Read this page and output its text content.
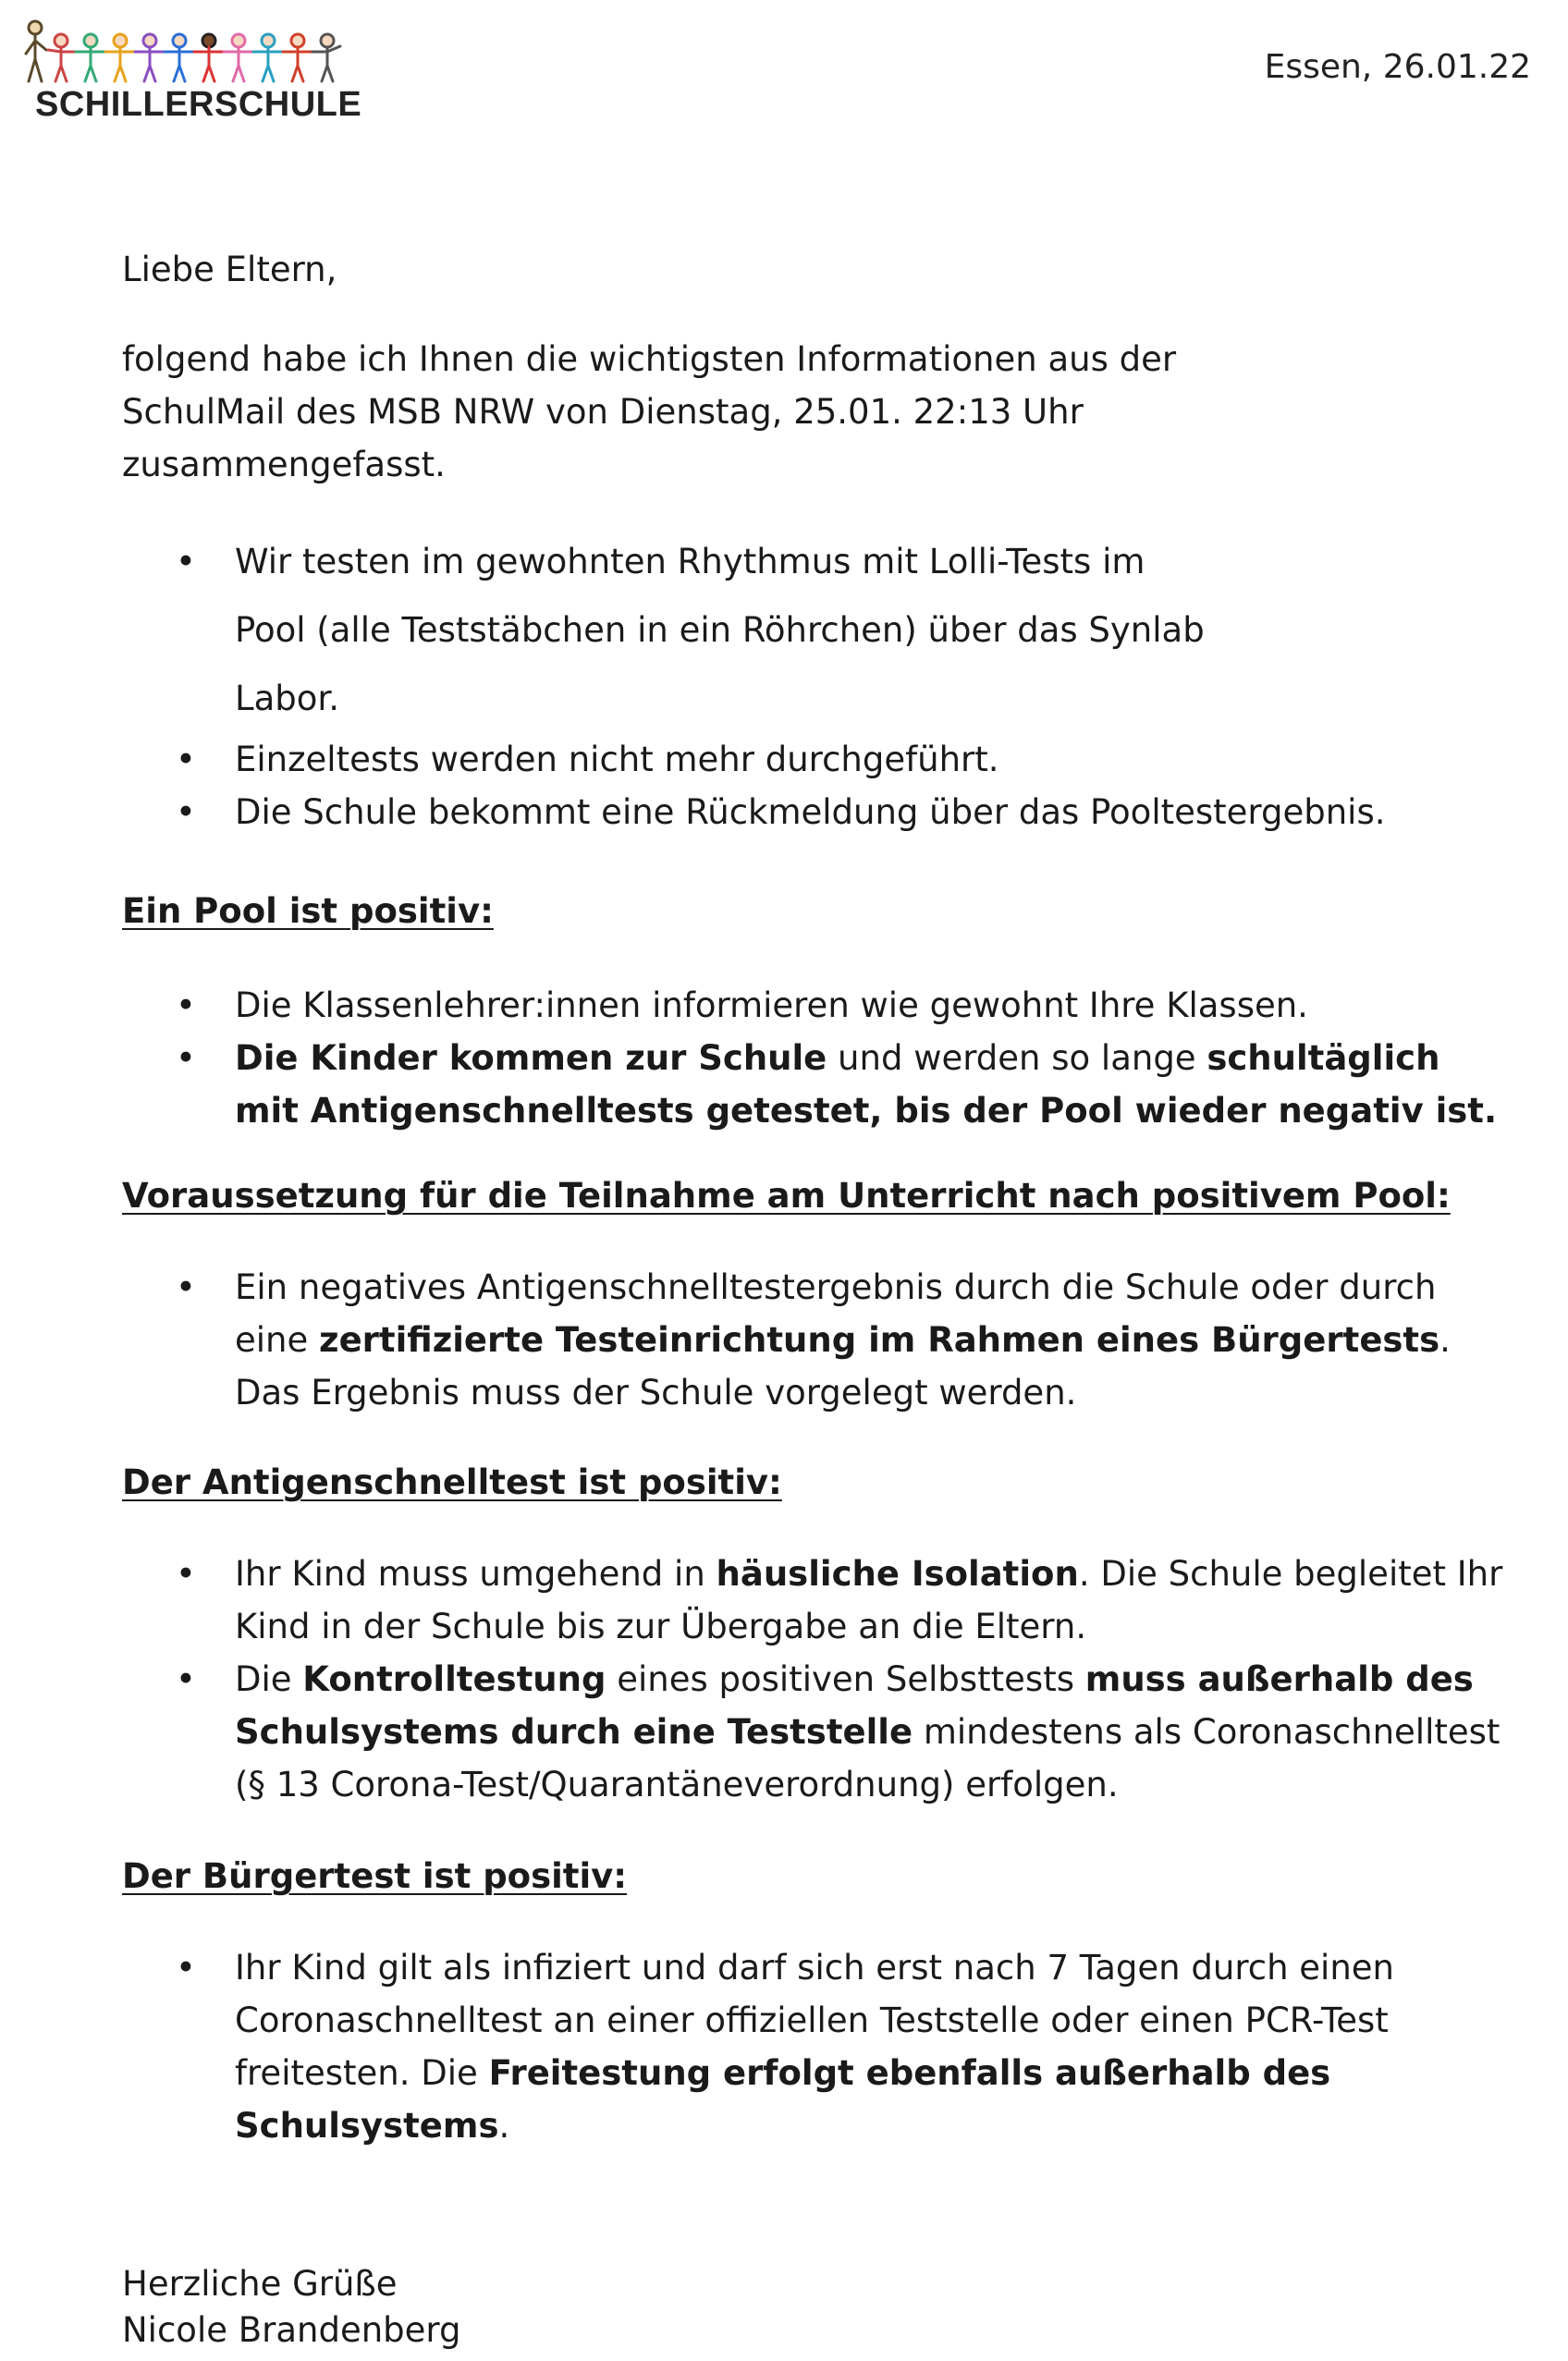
SCHILLERSCHULE
Essen, 26.01.22

Liebe Eltern,

folgend habe ich Ihnen die wichtigsten Informationen aus der SchulMail des MSB NRW von Dienstag, 25.01. 22:13 Uhr zusammengefasst.

• Wir testen im gewohnten Rhythmus mit Lolli-Tests im Pool (alle Teststäbchen in ein Röhrchen) über das Synlab Labor.
• Einzeltests werden nicht mehr durchgeführt.
• Die Schule bekommt eine Rückmeldung über das Pooltestergebnis.
Ein Pool ist positiv:
• Die Klassenlehrer:innen informieren wie gewohnt Ihre Klassen.
• Die Kinder kommen zur Schule und werden so lange schultäglich mit Antigenschnelltests getestet, bis der Pool wieder negativ ist.
Voraussetzung für die Teilnahme am Unterricht nach positivem Pool:
• Ein negatives Antigenschnelltestergebnis durch die Schule oder durch eine zertifizierte Testeinrichtung im Rahmen eines Bürgertests.
Das Ergebnis muss der Schule vorgelegt werden.
Der Antigenschnelltest ist positiv:
• Ihr Kind muss umgehend in häusliche Isolation. Die Schule begleitet Ihr Kind in der Schule bis zur Übergabe an die Eltern.
• Die Kontrolltestung eines positiven Selbsttests muss außerhalb des Schulsystems durch eine Teststelle mindestens als Coronaschnelltest (§ 13 Corona-Test/Quarantäneverordnung) erfolgen.
Der Bürgertest ist positiv:
• Ihr Kind gilt als infiziert und darf sich erst nach 7 Tagen durch einen Coronaschnelltest an einer offiziellen Teststelle oder einen PCR-Test freitesten. Die Freitestung erfolgt ebenfalls außerhalb des Schulsystems.

Herzliche Grüße

Nicole Brandenberg
